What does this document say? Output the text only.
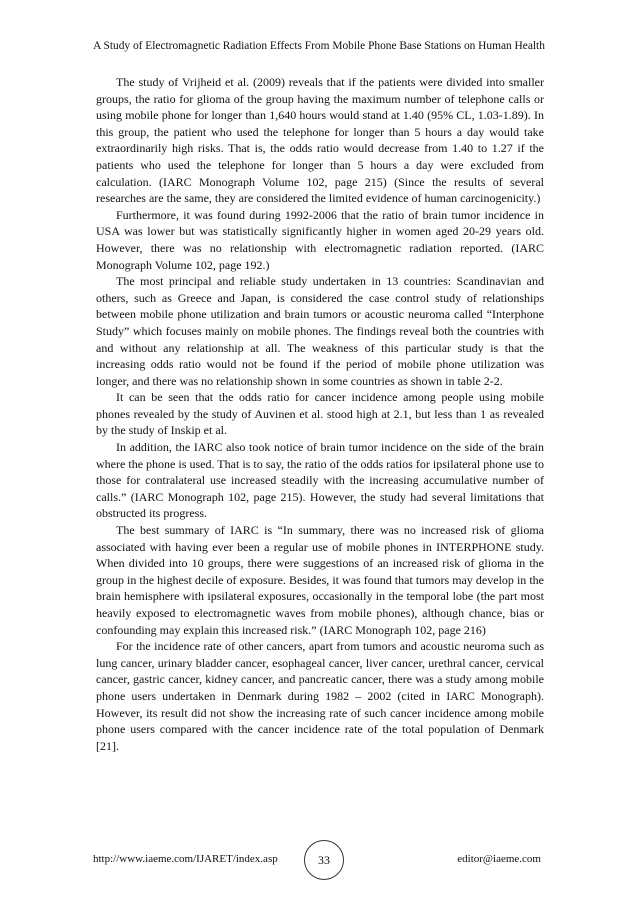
A Study of Electromagnetic Radiation Effects From Mobile Phone Base Stations on Human Health

The study of Vrijheid et al. (2009) reveals that if the patients were divided into smaller groups, the ratio for glioma of the group having the maximum number of telephone calls or using mobile phone for longer than 1,640 hours would stand at 1.40 (95% CL, 1.03-1.89). In this group, the patient who used the telephone for longer than 5 hours a day would take extraordinarily high risks. That is, the odds ratio would decrease from 1.40 to 1.27 if the patients who used the telephone for longer than 5 hours a day were excluded from calculation. (IARC Monograph Volume 102, page 215) (Since the results of several researches are the same, they are considered the limited evidence of human carcinogenicity.)

Furthermore, it was found during 1992-2006 that the ratio of brain tumor incidence in USA was lower but was statistically significantly higher in women aged 20-29 years old. However, there was no relationship with electromagnetic radiation reported. (IARC Monograph Volume 102, page 192.)

The most principal and reliable study undertaken in 13 countries: Scandinavian and others, such as Greece and Japan, is considered the case control study of relationships between mobile phone utilization and brain tumors or acoustic neuroma called “Interphone Study” which focuses mainly on mobile phones. The findings reveal both the countries with and without any relationship at all. The weakness of this particular study is that the increasing odds ratio would not be found if the period of mobile phone utilization was longer, and there was no relationship shown in some countries as shown in table 2-2.

It can be seen that the odds ratio for cancer incidence among people using mobile phones revealed by the study of Auvinen et al. stood high at 2.1, but less than 1 as revealed by the study of Inskip et al.

In addition, the IARC also took notice of brain tumor incidence on the side of the brain where the phone is used. That is to say, the ratio of the odds ratios for ipsilateral phone use to those for contralateral use increased steadily with the increasing accumulative number of calls.” (IARC Monograph 102, page 215). However, the study had several limitations that obstructed its progress.

The best summary of IARC is “In summary, there was no increased risk of glioma associated with having ever been a regular use of mobile phones in INTERPHONE study. When divided into 10 groups, there were suggestions of an increased risk of glioma in the group in the highest decile of exposure. Besides, it was found that tumors may develop in the brain hemisphere with ipsilateral exposures, occasionally in the temporal lobe (the part most heavily exposed to electromagnetic waves from mobile phones), although chance, bias or confounding may explain this increased risk.” (IARC Monograph 102, page 216)

For the incidence rate of other cancers, apart from tumors and acoustic neuroma such as lung cancer, urinary bladder cancer, esophageal cancer, liver cancer, urethral cancer, cervical cancer, gastric cancer, kidney cancer, and pancreatic cancer, there was a study among mobile phone users undertaken in Denmark during 1982 – 2002 (cited in IARC Monograph). However, its result did not show the increasing rate of such cancer incidence among mobile phone users compared with the cancer incidence rate of the total population of Denmark [21].

http://www.iaeme.com/IJARET/index.asp	33	editor@iaeme.com
